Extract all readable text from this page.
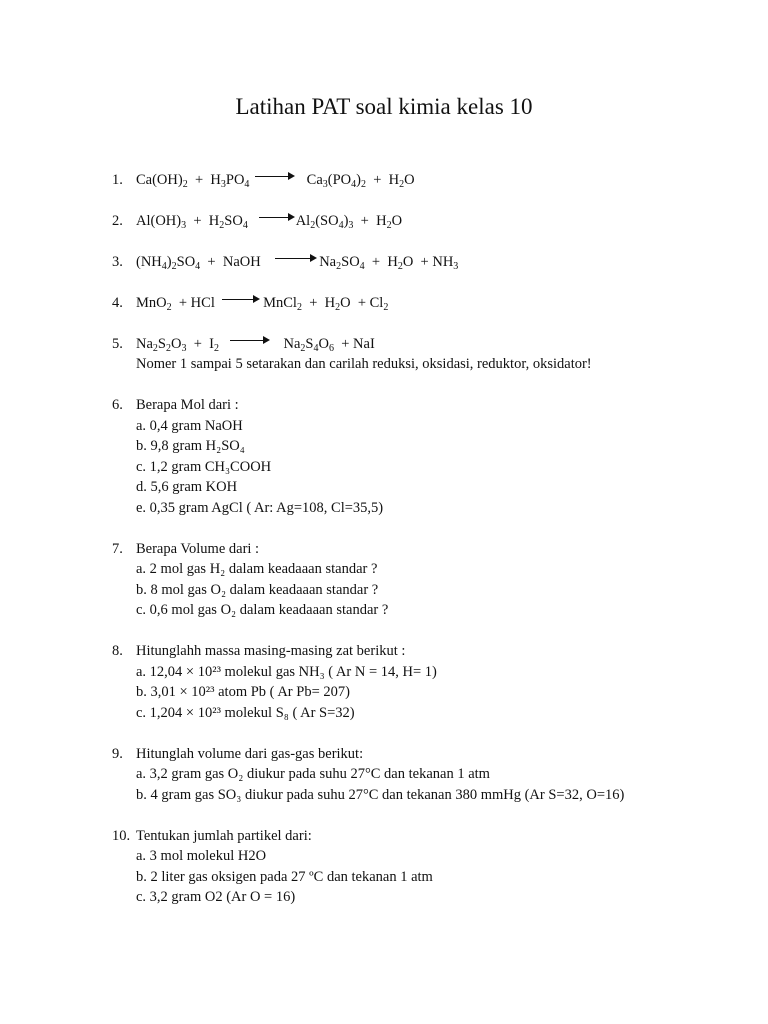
Latihan PAT soal kimia kelas 10
1. $Ca(OH)_2 + H_3PO_4$	$Ca_3(PO_4)_2 + H_2O$
2. $Al(OH)_3 + H_2SO_4$	$Al_2(SO_4)_3 + H_2O$
3. $(NH_4)_2SO_4$  +  NaOH	$Na_2SO_4 + H_2O + NH_3$
4. MnO$_2$  + HCl	MnCl$_2$  +  $H_2O + Cl_2$
5. $Na_2S_2O_3 + I_2$	$Na_2S_4O_6$  + NaI
Nomer 1 sampai 5 setarakan dan carilah reduksi, oksidasi, reduktor, oksidator!
6. Berapa Mol dari :
a. 0,4 gram NaOH
b. 9,8 gram H₂SO₄
c. 1,2 gram CH₃COOH
d. 5,6 gram KOH
e. 0,35 gram AgCl ( Ar: Ag=108, Cl=35,5)
7. Berapa Volume dari :
a. 2 mol gas H₂ dalam keadaaan standar ?
b. 8 mol gas O₂ dalam keadaaan standar ?
c. 0,6 mol gas O₂ dalam keadaaan standar ?
8. Hitunglahh massa masing-masing zat berikut :
a. 12,04 × 10²³ molekul gas NH₃ ( Ar N = 14, H= 1)
b. 3,01 × 10²³ atom Pb ( Ar Pb= 207)
c. 1,204 × 10²³ molekul S₈ ( Ar S=32)
9. Hitunglah volume dari gas-gas berikut:
a. 3,2 gram gas O₂ diukur pada suhu 27°C dan tekanan 1 atm
b. 4 gram gas SO₃ diukur pada suhu 27°C dan tekanan 380 mmHg (Ar S=32, O=16)
10. Tentukan jumlah partikel dari:
a. 3 mol molekul H2O
b. 2 liter gas oksigen pada 27 ºC dan tekanan 1 atm
c. 3,2 gram O2 (Ar O = 16)
